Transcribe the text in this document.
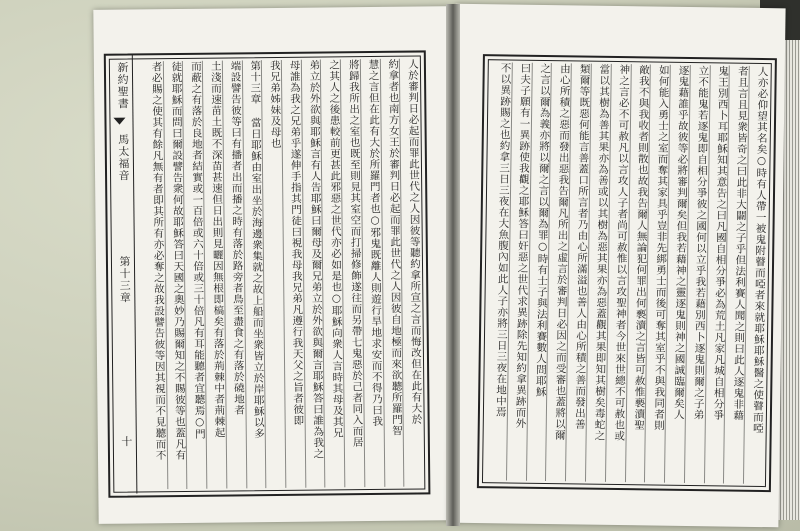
人於審判日必起而罪此世代之人因彼等聽約拿所宣之言而悔改但在此有大於
約拿者也南方女王於審判日必起而罪此世代之人因彼自地極而來欲聽所羅門智
慧之言但在此有大於所羅門者也○邪鬼既離人則遊行旱地求安而不得乃曰我
將歸我所出之室也既至則見其室空而打掃修飾遂往而另帶七鬼惡於己者同入而居
之其人之後患較前更甚此邪惡之世代亦必如是也○耶穌向衆人言時其母及其兄
弟立於外欲與耶穌言有人告耶穌曰爾母及爾兄弟立於外欲與爾言耶穌答曰誰為我之
母誰為我之兄弟乎遂伸手指其門徒曰視我母我兄弟凡遵行我天父之旨者彼即
我兄弟姊妹及母也
第十三章 當日耶穌由室出坐於海邊衆集就之故上船而坐衆皆立於岸耶穌以多
端設譬告彼等曰有播者出而播之時有落於路旁者鳥至盡食之有落於磽地者
土淺而速苗土既不深苗甚速但日出則見曬因無根即槁矣有落於荊棘中者荊棘起
而蔽之有落於良地者結實或一百倍或六十倍或三十倍凡有耳能聽者宜聽焉○門
徒就耶穌而問曰爾設譬告衆何故耶穌答曰天國之奧妙乃賜爾知之不賜彼等也蓋凡有
者必賜之使其有餘凡無有者即其所有亦必奪之故我設譬告彼等因其視而不見聽而不
新約聖書
馬太福音
第十三章
十
人亦必仰望其名矣○時有人帶一被鬼附瞽而啞者來就耶穌耶穌醫之使瞽而啞
者且言且見衆皆奇之曰此非大闢之子乎但法利賽人聞之則曰此人逐鬼非藉
鬼王別西卜耳耶穌知其意告之曰凡國自相分爭必為荒土凡家凡城自相分爭
立不能鬼若逐鬼即自相分爭彼之國何以立乎我若藉別西卜逐鬼則爾之子弟
逐鬼藉誰乎故彼等必將審判爾矣但我若藉神之靈逐鬼則神之國誠臨爾矣人
如何能入勇士之室而奪其家具乎豈非先綁勇士而後可奪其室乎不與我同者則
敵我不與我收者則散也故我告爾人無論犯何罪出何褻瀆之言皆可赦惟褻瀆聖
神之言必不可赦凡以言攻人子者尚可赦惟以言攻聖神者今世來世總不可赦也或
當以其樹為善其果亦為善或以其樹為惡其果亦為惡蓋觀其果即知其樹矣毒蛇之
類爾等既惡何能言善蓋口所言者乃由心所滿溢也善人由心所積之善而發出善
由心所積之惡而發出惡我告爾凡所出之虛言於審判日必因之而受審也蓋將以爾
之言以爾為義亦將以爾之言以爾為罪○時有士子與法利賽數人問耶穌
曰夫子願有一異跡使我觀之耶穌答曰奸惡之世代求異跡除先知約拿異跡而外
不以異跡賜之也約拿三日三夜在大魚腹內如此人子亦將三日三夜在地中焉
